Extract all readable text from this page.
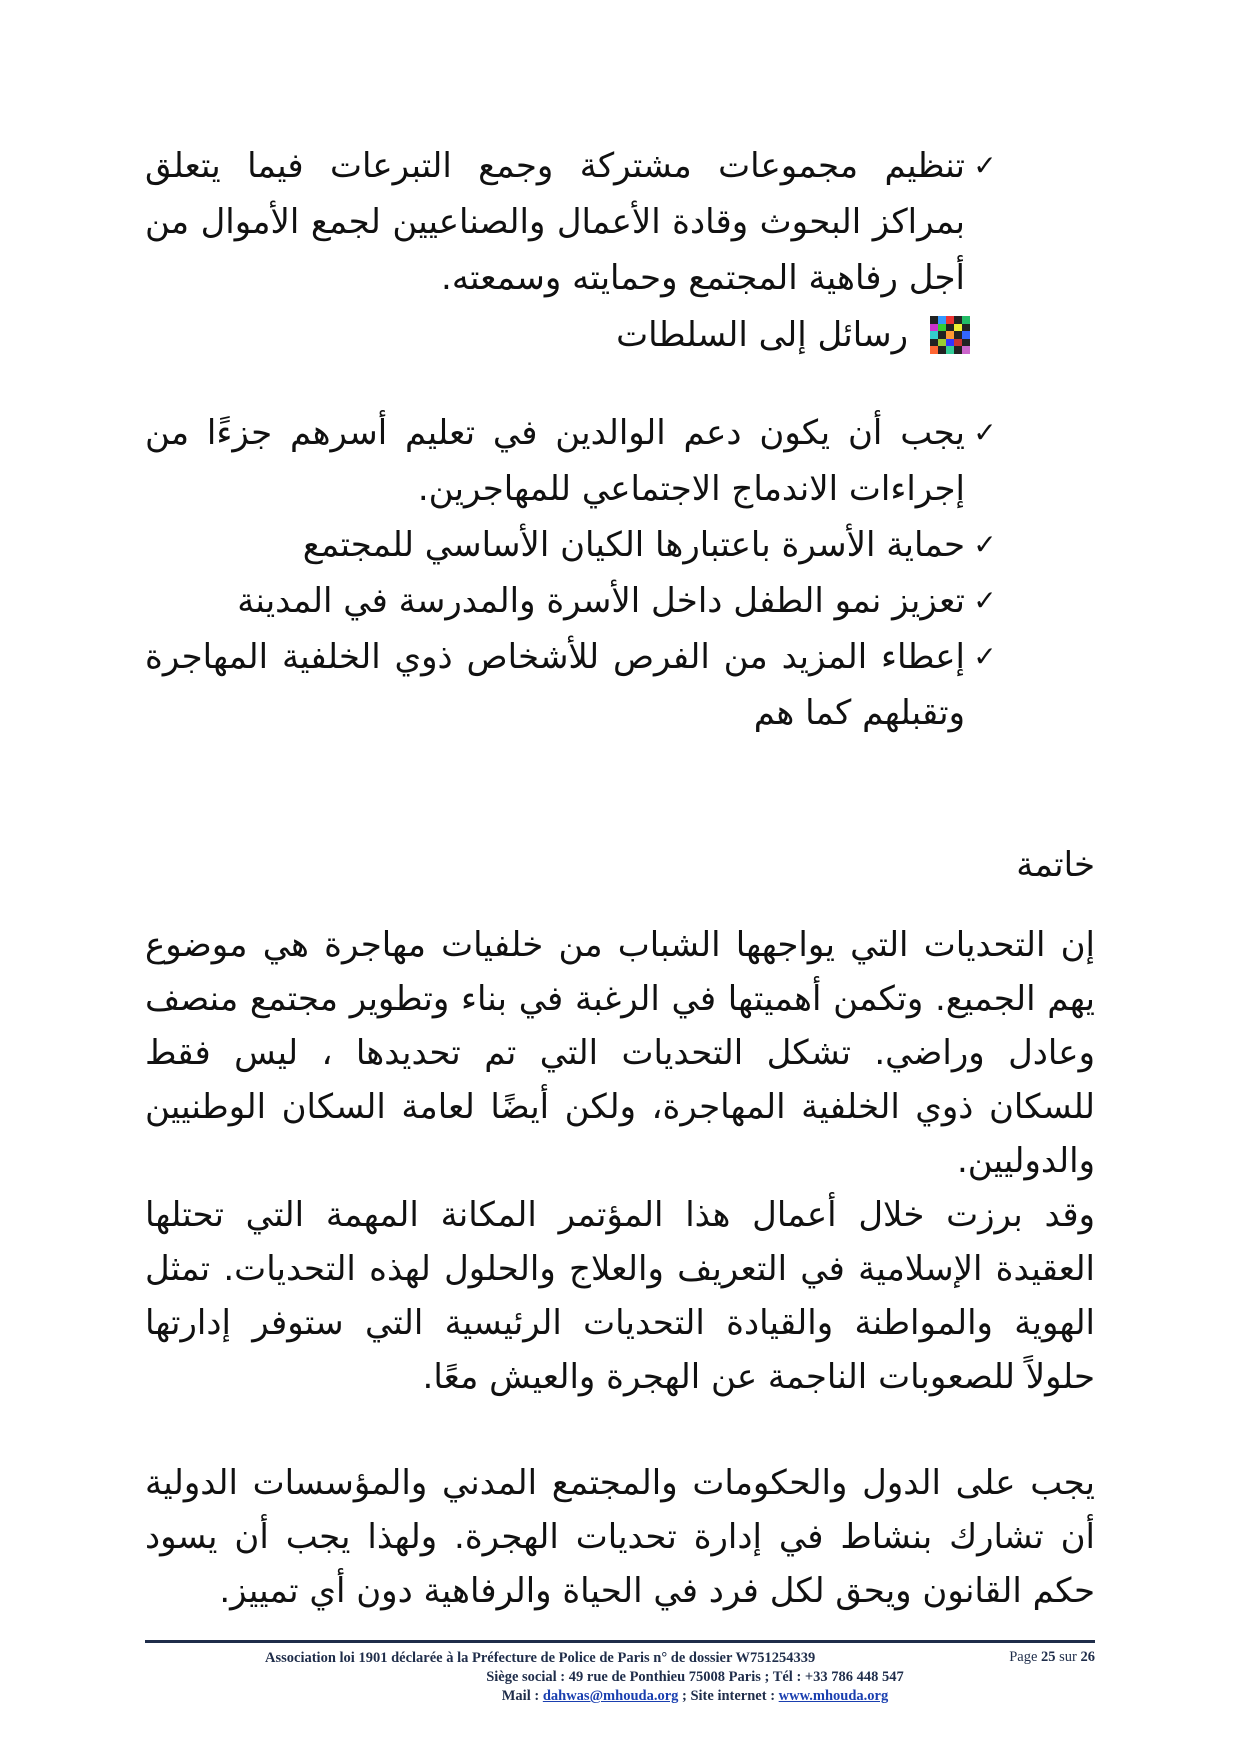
✓
تنظيم مجموعات مشتركة وجمع التبرعات فيما يتعلق بمراكز البحوث وقادة الأعمال والصناعيين لجمع الأموال من أجل رفاهية المجتمع وحمايته وسمعته.
رسائل إلى السلطات
✓
يجب أن يكون دعم الوالدين في تعليم أسرهم جزءًا من إجراءات الاندماج الاجتماعي للمهاجرين.
✓
حماية الأسرة باعتبارها الكيان الأساسي للمجتمع
✓
تعزيز نمو الطفل داخل الأسرة والمدرسة في المدينة
✓
إعطاء المزيد من الفرص للأشخاص ذوي الخلفية المهاجرة وتقبلهم كما هم
خاتمة

إن التحديات التي يواجهها الشباب من خلفيات مهاجرة هي موضوع يهم الجميع. وتكمن أهميتها في الرغبة في بناء وتطوير مجتمع منصف وعادل وراضي. تشكل التحديات التي تم تحديدها ، ليس فقط للسكان ذوي الخلفية المهاجرة، ولكن أيضًا لعامة السكان الوطنيين والدوليين.

وقد برزت خلال أعمال هذا المؤتمر المكانة المهمة التي تحتلها العقيدة الإسلامية في التعريف والعلاج والحلول لهذه التحديات. تمثل الهوية والمواطنة والقيادة التحديات الرئيسية التي ستوفر إدارتها حلولاً للصعوبات الناجمة عن الهجرة والعيش معًا.

يجب على الدول والحكومات والمجتمع المدني والمؤسسات الدولية أن تشارك بنشاط في إدارة تحديات الهجرة. ولهذا يجب أن يسود حكم القانون ويحق لكل فرد في الحياة والرفاهية دون أي تمييز.

Association loi 1901 déclarée à la Préfecture de Police de Paris n° de dossier W751254339	Page 25 sur 26
Siège social : 49 rue de Ponthieu 75008 Paris ; Tél : +33 786 448 547
Mail : dahwas@mhouda.org ; Site internet : www.mhouda.org
